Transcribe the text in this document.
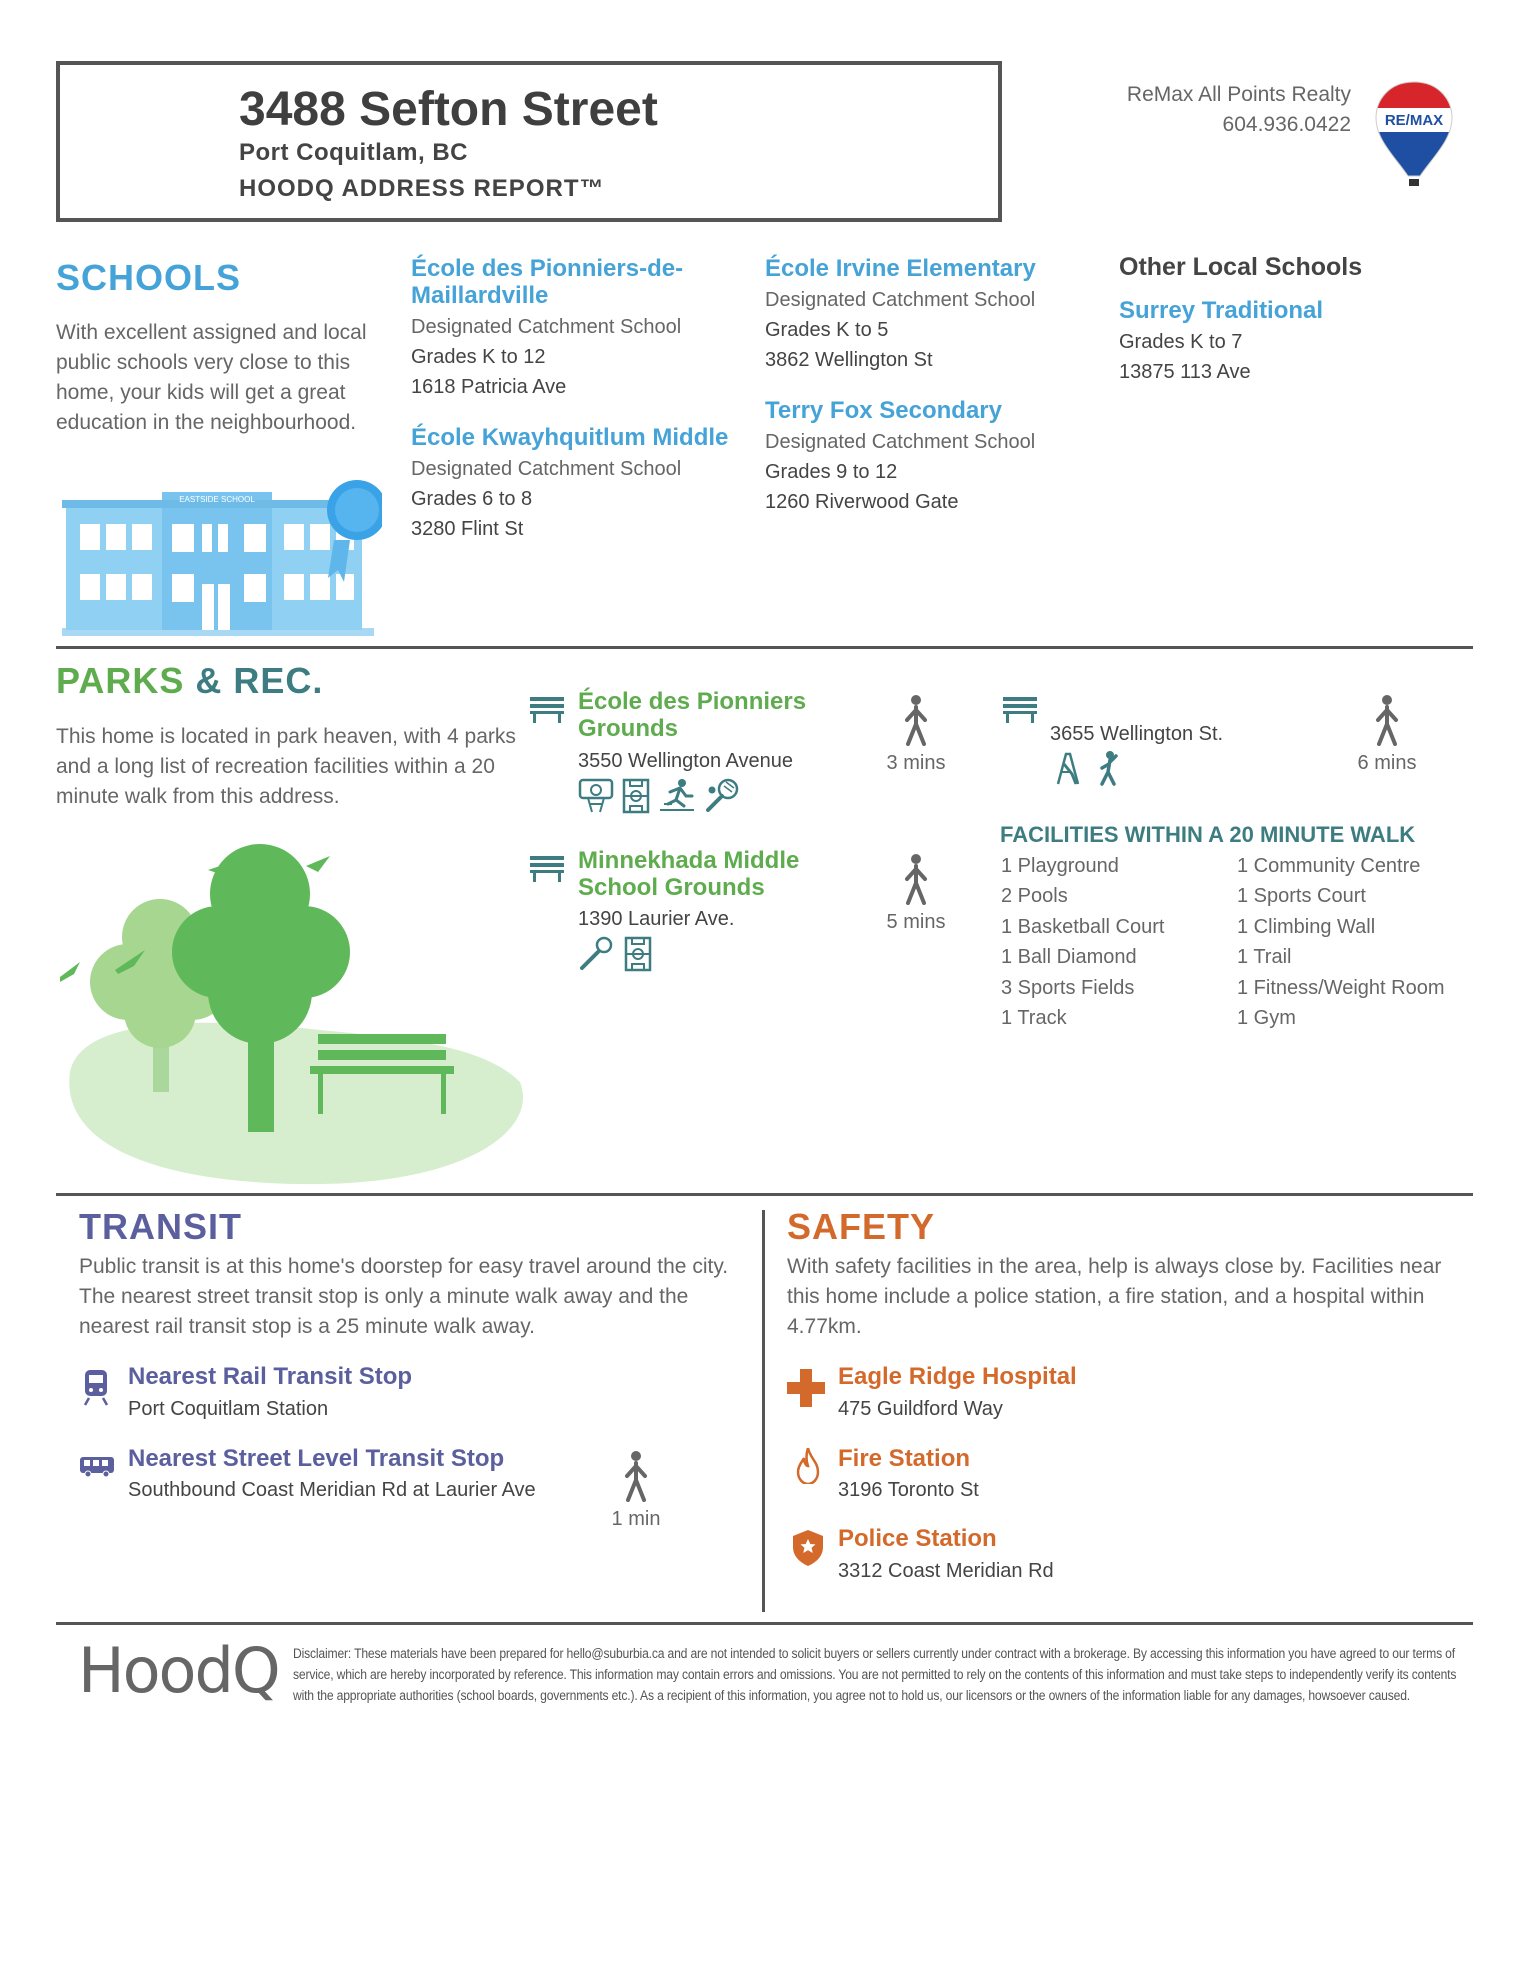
3488 Sefton Street
Port Coquitlam, BC
HOODQ ADDRESS REPORT™
ReMax All Points Realty
604.936.0422 RE/MAX
SCHOOLS
With excellent assigned and local public schools very close to this home, your kids will get a great education in the neighbourhood.
EASTSIDE SCHOOL
École des Pionniers-de-
Maillardville
Designated Catchment School
Grades K to 12
1618 Patricia Ave
École Kwayhquitlum Middle
Designated Catchment School
Grades 6 to 8
3280 Flint St
École Irvine Elementary
Designated Catchment School
Grades K to 5
3862 Wellington St
Terry Fox Secondary
Designated Catchment School
Grades 9 to 12
1260 Riverwood Gate
Other Local Schools
Surrey Traditional
Grades K to 7
13875 113 Ave
PARKS & REC.
This home is located in park heaven, with 4 parks and a long list of recreation facilities within a 20 minute walk from this address.
École des Pionniers
Grounds
3550 Wellington Avenue	3 mins
Minnekhada Middle
School Grounds
1390 Laurier Ave.	5 mins
3655 Wellington St.
6 mins
FACILITIES WITHIN A 20 MINUTE WALK
1 Playground
2 Pools
1 Basketball Court
1 Ball Diamond
3 Sports Fields
1 Track
1 Community Centre
1 Sports Court
1 Climbing Wall
1 Trail
1 Fitness/Weight Room
1 Gym
TRANSIT
Public transit is at this home's doorstep for easy travel around the city. The nearest street transit stop is only a minute walk away and the nearest rail transit stop is a 25 minute walk away.
Nearest Rail Transit Stop
Port Coquitlam Station
Nearest Street Level Transit Stop
Southbound Coast Meridian Rd at Laurier Ave
1 min
SAFETY
With safety facilities in the area, help is always close by. Facilities near this home include a police station, a fire station, and a hospital within 4.77km.
Eagle Ridge Hospital
475 Guildford Way
Fire Station
3196 Toronto St
Police Station
3312 Coast Meridian Rd
HoodQ Disclaimer: These materials have been prepared for hello@suburbia.ca and are not intended to solicit buyers or sellers currently under contract with a brokerage. By accessing this information you have agreed to our terms of service, which are hereby incorporated by reference. This information may contain errors and omissions. You are not permitted to rely on the contents of this information and must take steps to independently verify its contents with the appropriate authorities (school boards, governments etc.). As a recipient of this information, you agree not to hold us, our licensors or the owners of the information liable for any damages, howsoever caused.
